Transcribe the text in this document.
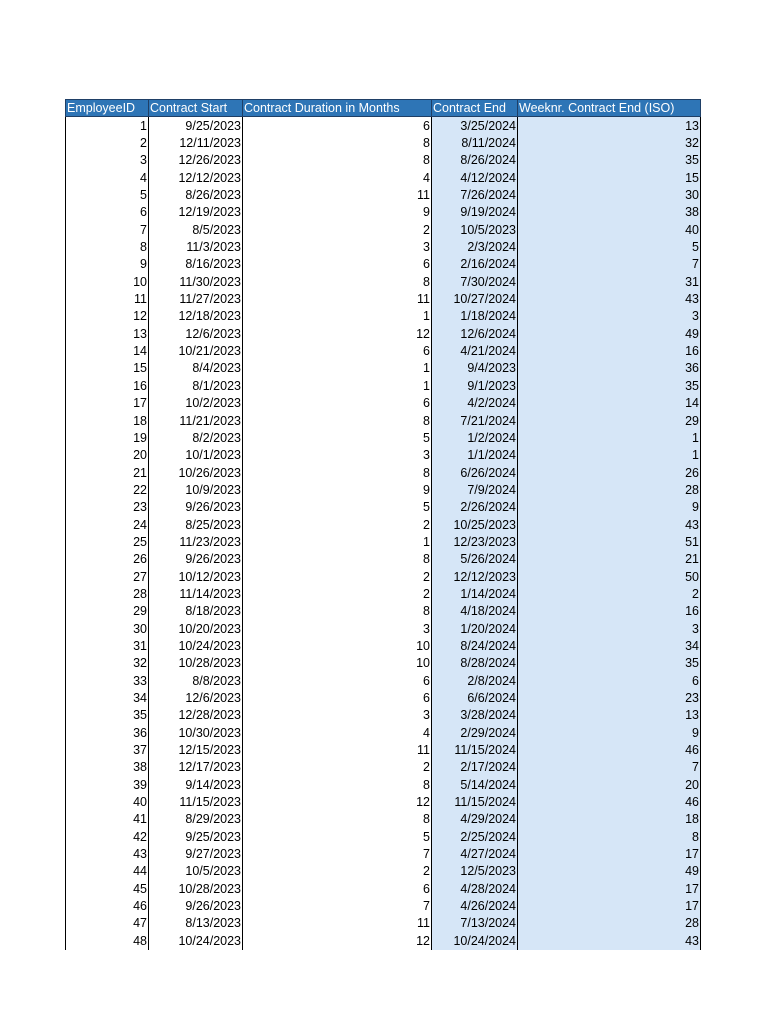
EmployeeID	Contract Start	Contract Duration in Months	Contract End	Weeknr. Contract End (ISO)
1	9/25/2023	6	3/25/2024	13
2	12/11/2023	8	8/11/2024	32
3	12/26/2023	8	8/26/2024	35
4	12/12/2023	4	4/12/2024	15
5	8/26/2023	11	7/26/2024	30
6	12/19/2023	9	9/19/2024	38
7	8/5/2023	2	10/5/2023	40
8	11/3/2023	3	2/3/2024	5
9	8/16/2023	6	2/16/2024	7
10	11/30/2023	8	7/30/2024	31
11	11/27/2023	11	10/27/2024	43
12	12/18/2023	1	1/18/2024	3
13	12/6/2023	12	12/6/2024	49
14	10/21/2023	6	4/21/2024	16
15	8/4/2023	1	9/4/2023	36
16	8/1/2023	1	9/1/2023	35
17	10/2/2023	6	4/2/2024	14
18	11/21/2023	8	7/21/2024	29
19	8/2/2023	5	1/2/2024	1
20	10/1/2023	3	1/1/2024	1
21	10/26/2023	8	6/26/2024	26
22	10/9/2023	9	7/9/2024	28
23	9/26/2023	5	2/26/2024	9
24	8/25/2023	2	10/25/2023	43
25	11/23/2023	1	12/23/2023	51
26	9/26/2023	8	5/26/2024	21
27	10/12/2023	2	12/12/2023	50
28	11/14/2023	2	1/14/2024	2
29	8/18/2023	8	4/18/2024	16
30	10/20/2023	3	1/20/2024	3
31	10/24/2023	10	8/24/2024	34
32	10/28/2023	10	8/28/2024	35
33	8/8/2023	6	2/8/2024	6
34	12/6/2023	6	6/6/2024	23
35	12/28/2023	3	3/28/2024	13
36	10/30/2023	4	2/29/2024	9
37	12/15/2023	11	11/15/2024	46
38	12/17/2023	2	2/17/2024	7
39	9/14/2023	8	5/14/2024	20
40	11/15/2023	12	11/15/2024	46
41	8/29/2023	8	4/29/2024	18
42	9/25/2023	5	2/25/2024	8
43	9/27/2023	7	4/27/2024	17
44	10/5/2023	2	12/5/2023	49
45	10/28/2023	6	4/28/2024	17
46	9/26/2023	7	4/26/2024	17
47	8/13/2023	11	7/13/2024	28
48	10/24/2023	12	10/24/2024	43
